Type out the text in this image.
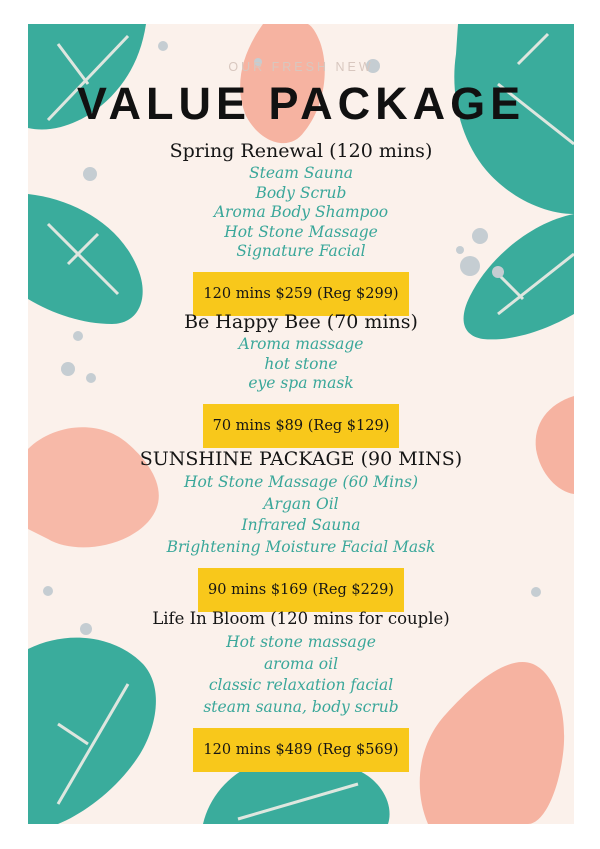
OUR FRESH NEW
VALUE PACKAGE
Spring Renewal (120 mins)
Steam Sauna
Body Scrub
Aroma Body Shampoo
Hot Stone Massage
Signature Facial
120 mins $259 (Reg $299)
Be Happy Bee (70 mins)
Aroma massage
hot stone
eye spa mask
70 mins $89 (Reg $129)
SUNSHINE PACKAGE (90 MINS)
Hot Stone Massage (60 Mins)
Argan Oil
Infrared Sauna
Brightening Moisture Facial Mask
90 mins $169 (Reg $229)
Life In Bloom (120 mins for couple)
Hot stone massage
aroma oil
classic relaxation facial
steam sauna, body scrub
120 mins $489 (Reg $569)
